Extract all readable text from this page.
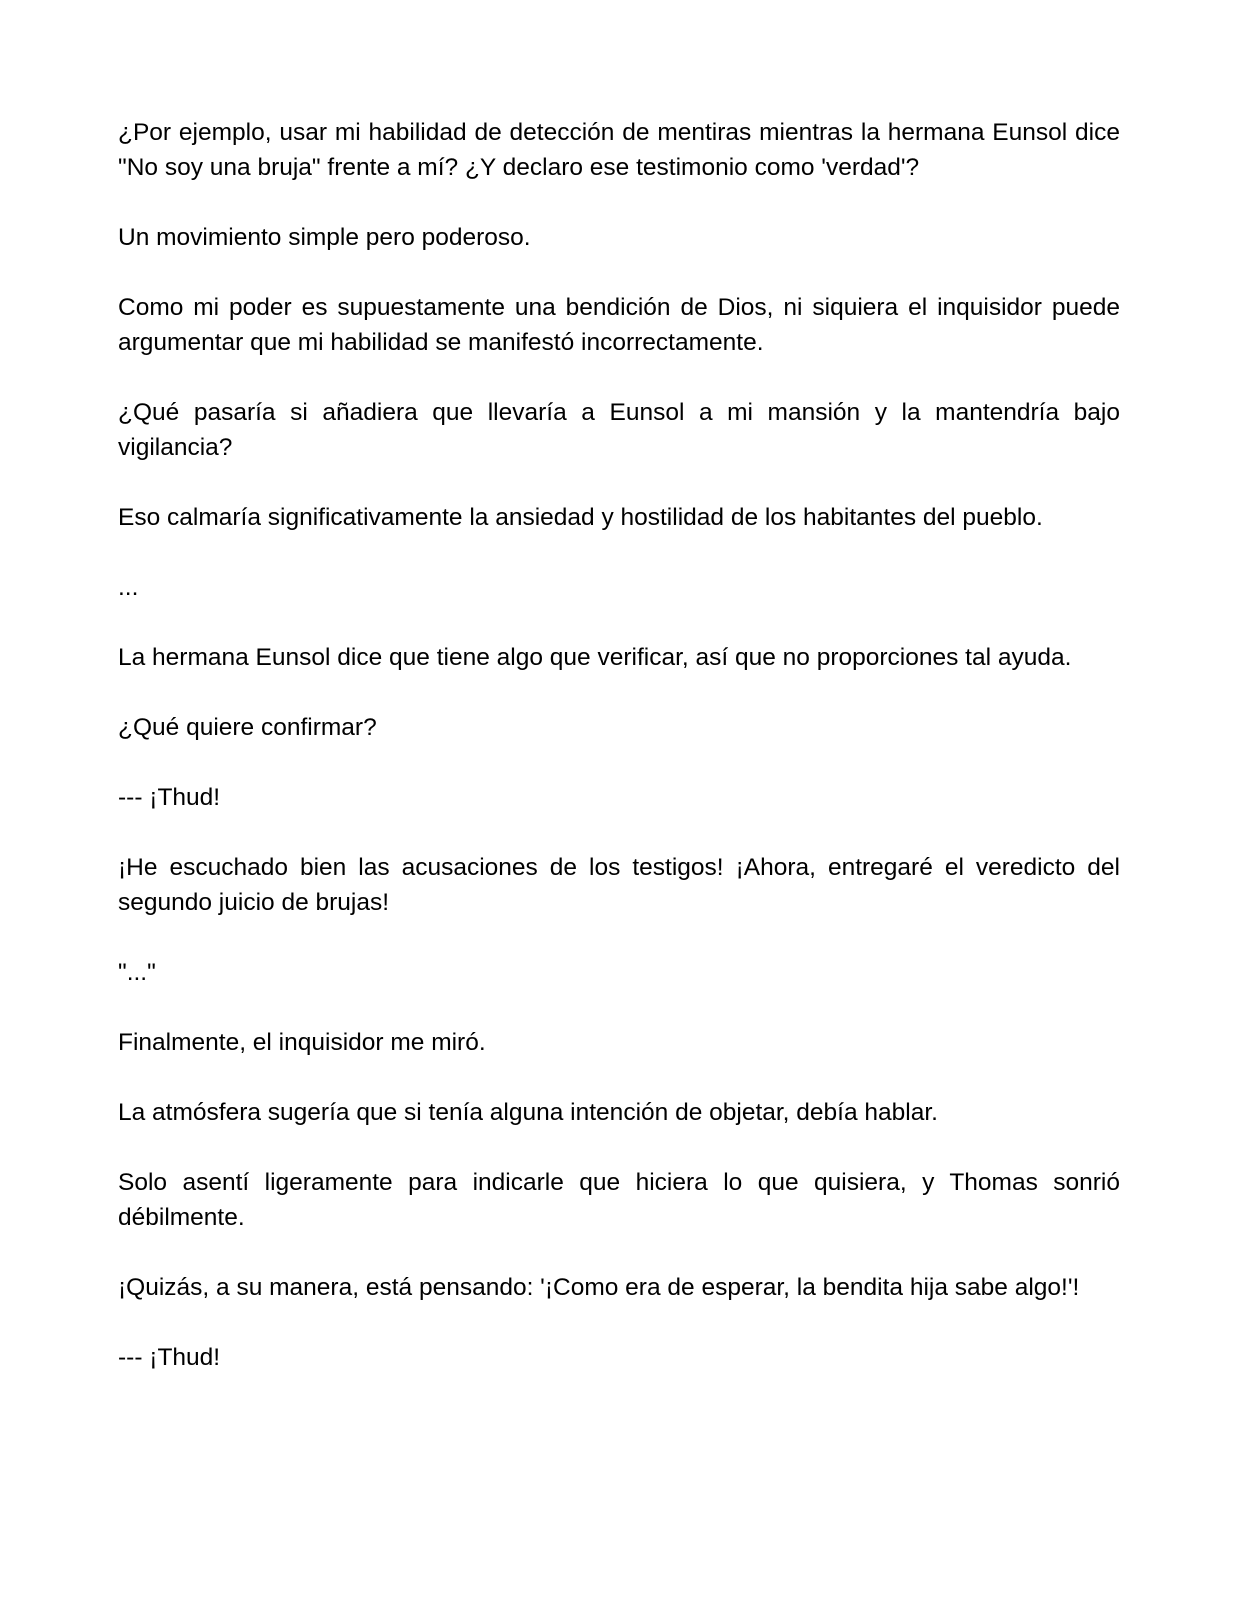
¿Por ejemplo, usar mi habilidad de detección de mentiras mientras la hermana Eunsol dice "No soy una bruja" frente a mí? ¿Y declaro ese testimonio como 'verdad'?

Un movimiento simple pero poderoso.

Como mi poder es supuestamente una bendición de Dios, ni siquiera el inquisidor puede argumentar que mi habilidad se manifestó incorrectamente.

¿Qué pasaría si añadiera que llevaría a Eunsol a mi mansión y la mantendría bajo vigilancia?

Eso calmaría significativamente la ansiedad y hostilidad de los habitantes del pueblo.

...

La hermana Eunsol dice que tiene algo que verificar, así que no proporciones tal ayuda.

¿Qué quiere confirmar?

--- ¡Thud!

¡He escuchado bien las acusaciones de los testigos! ¡Ahora, entregaré el veredicto del segundo juicio de brujas!

"..."

Finalmente, el inquisidor me miró.

La atmósfera sugería que si tenía alguna intención de objetar, debía hablar.

Solo asentí ligeramente para indicarle que hiciera lo que quisiera, y Thomas sonrió débilmente.

¡Quizás, a su manera, está pensando: '¡Como era de esperar, la bendita hija sabe algo!'!

--- ¡Thud!
